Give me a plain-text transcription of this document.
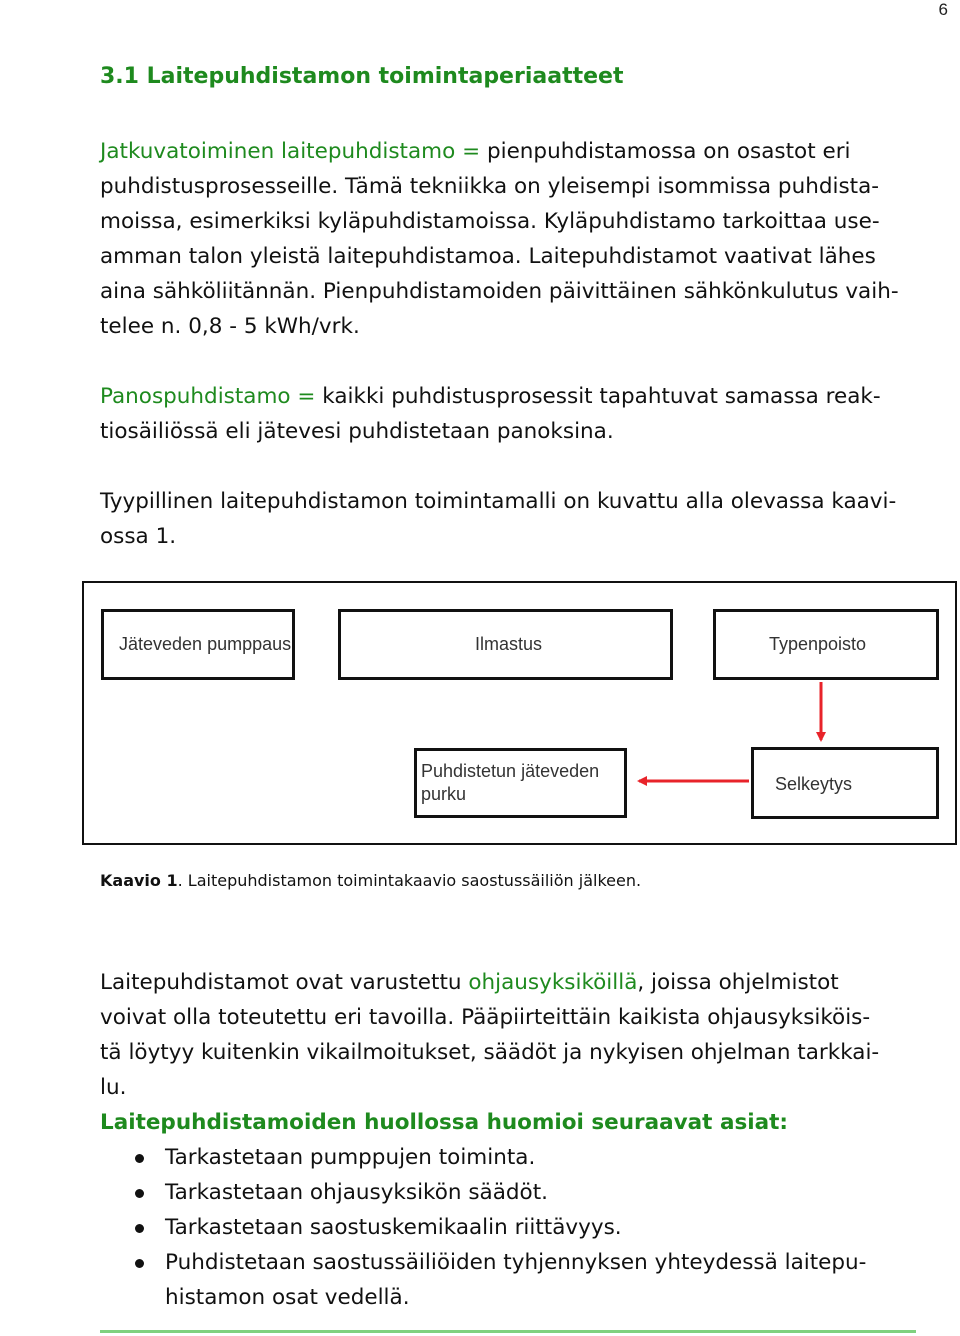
6
3.1 Laitepuhdistamon toimintaperiaatteet

Jatkuvatoiminen laitepuhdistamo = pienpuhdistamossa on osastot eri
puhdistusprosesseille. Tämä tekniikka on yleisempi isommissa puhdista-
moissa, esimerkiksi kyläpuhdistamoissa. Kyläpuhdistamo tarkoittaa use-
amman talon yleistä laitepuhdistamoa. Laitepuhdistamot vaativat lähes
aina sähköliitännän. Pienpuhdistamoiden päivittäinen sähkönkulutus vaih-
telee n. 0,8 - 5 kWh/vrk.

Panospuhdistamo = kaikki puhdistusprosessit tapahtuvat samassa reak-
tiosäiliössä eli jätevesi puhdistetaan panoksina.

Tyypillinen laitepuhdistamon toimintamalli on kuvattu alla olevassa kaavi-
ossa 1.

Jäteveden pumppaus	Ilmastus	Typenpoisto
Puhdistetun jäteveden
purku	Selkeytys

Kaavio 1. Laitepuhdistamon toimintakaavio saostussäiliön jälkeen.

Laitepuhdistamot ovat varustettu ohjausyksiköillä, joissa ohjelmistot
voivat olla toteutettu eri tavoilla. Pääpiirteittäin kaikista ohjausyksiköis-
tä löytyy kuitenkin vikailmoitukset, säädöt ja nykyisen ohjelman tarkkai-
lu.
Laitepuhdistamoiden huollossa huomioi seuraavat asiat:

Tarkastetaan pumppujen toiminta.
Tarkastetaan ohjausyksikön säädöt.
Tarkastetaan saostuskemikaalin riittävyys.
Puhdistetaan saostussäiliöiden tyhjennyksen yhteydessä laitepu-
histamon osat vedellä.
